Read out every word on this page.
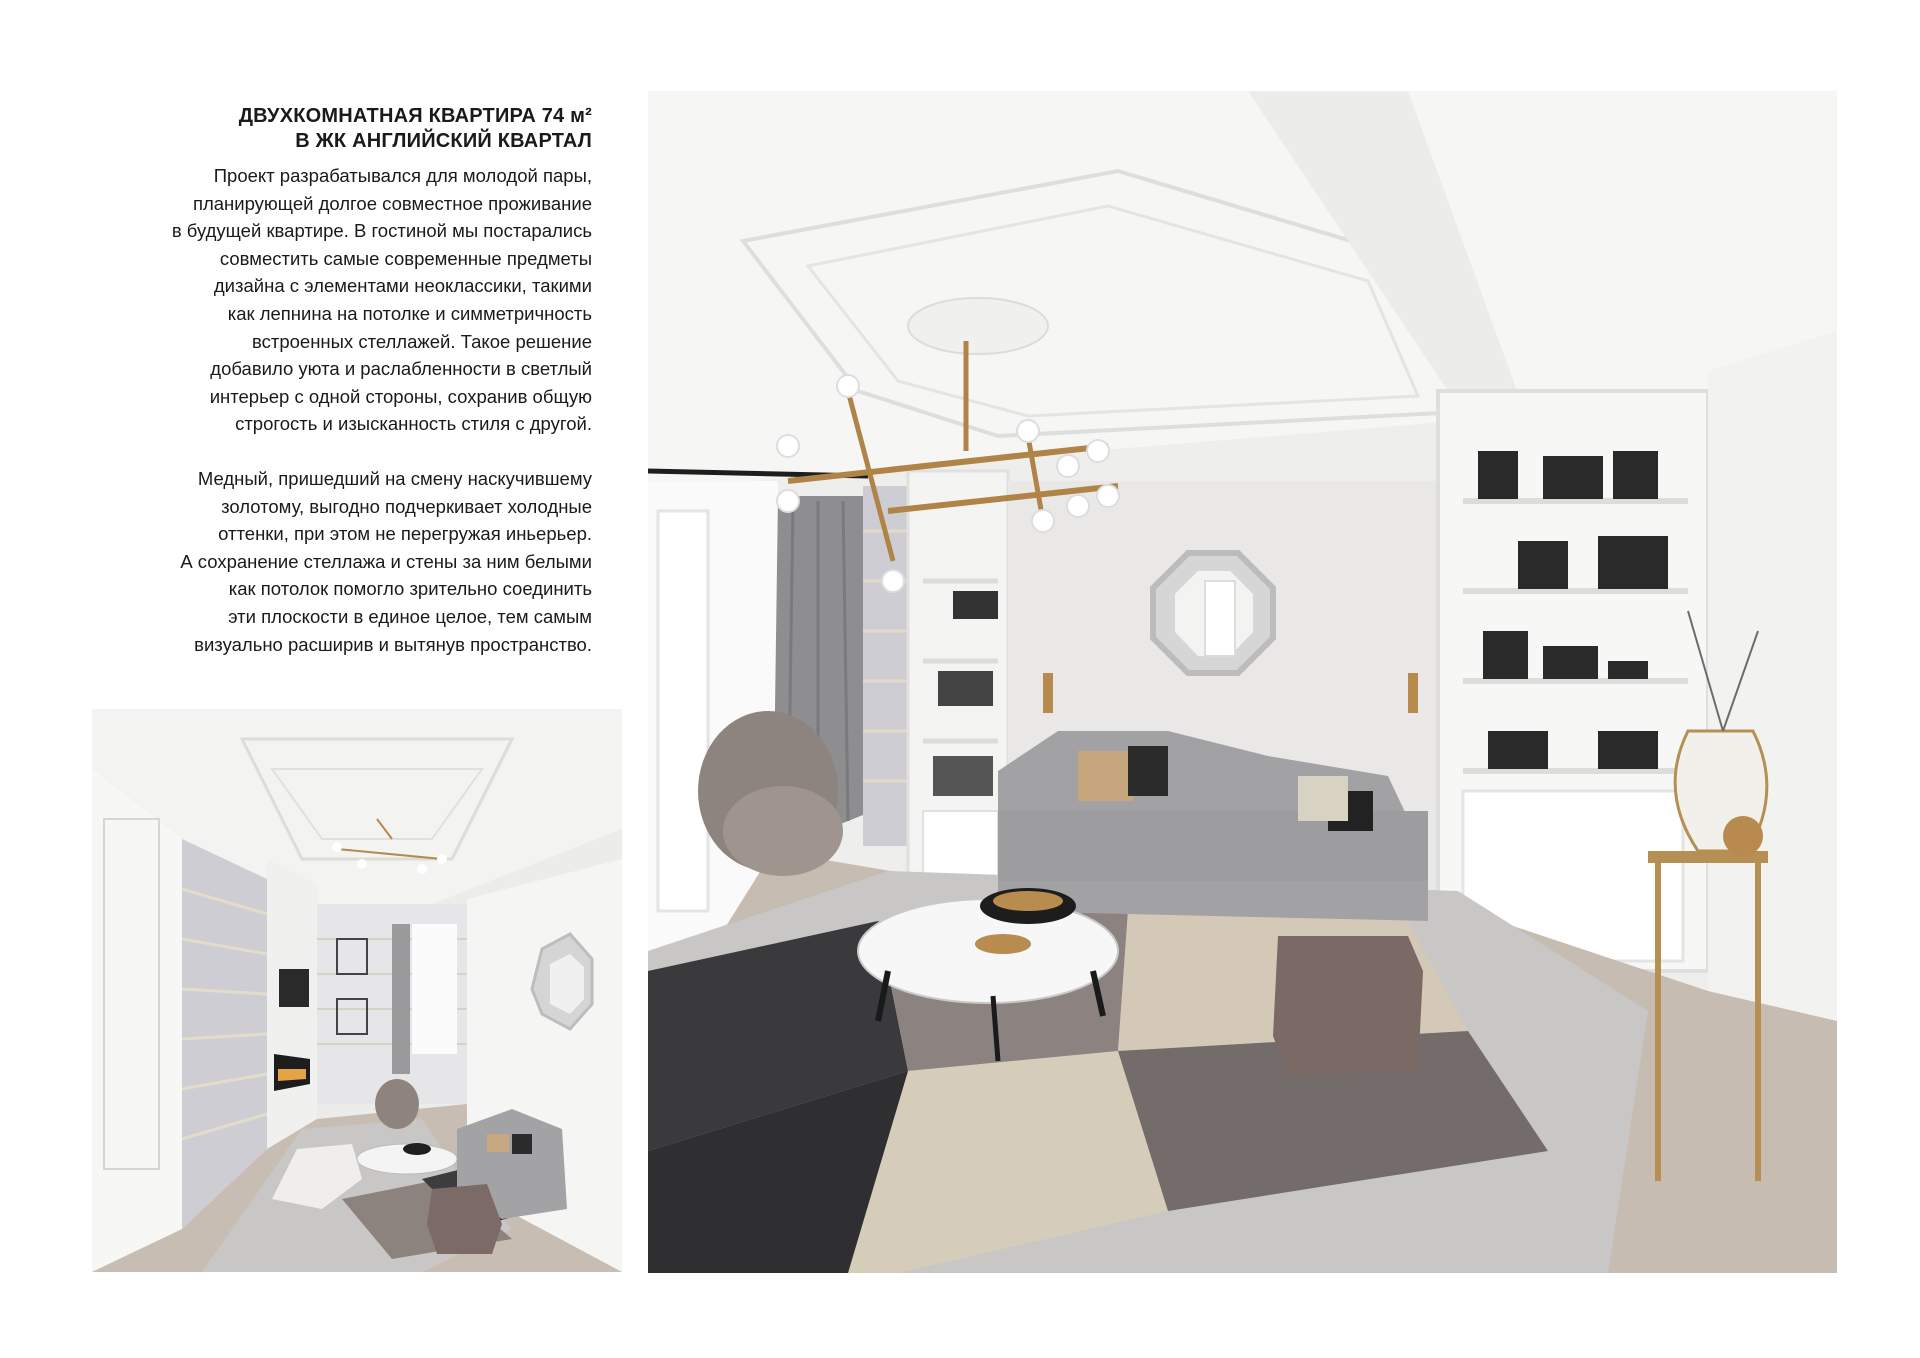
ДВУХКОМНАТНАЯ КВАРТИРА 74 м²
В ЖК АНГЛИЙСКИЙ КВАРТАЛ

Проект разрабатывался для молодой пары,
планирующей долгое совместное проживание
в будущей квартире. В гостиной мы постарались
совместить самые современные предметы
дизайна с элементами неоклассики, такими
как лепнина на потолке и симметричность
встроенных стеллажей. Такое решение
добавило уюта и раслабленности в светлый
интерьер с одной стороны, сохранив общую
строгость и изысканность стиля с другой.

Медный, пришедший на смену наскучившему
золотому, выгодно подчеркивает холодные
оттенки, при этом не перегружая иньерьер.
А сохранение стеллажа и стены за ним белыми
как потолок помогло зрительно соединить
эти плоскости в единое целое, тем самым
визуально расширив и вытянув пространство.
